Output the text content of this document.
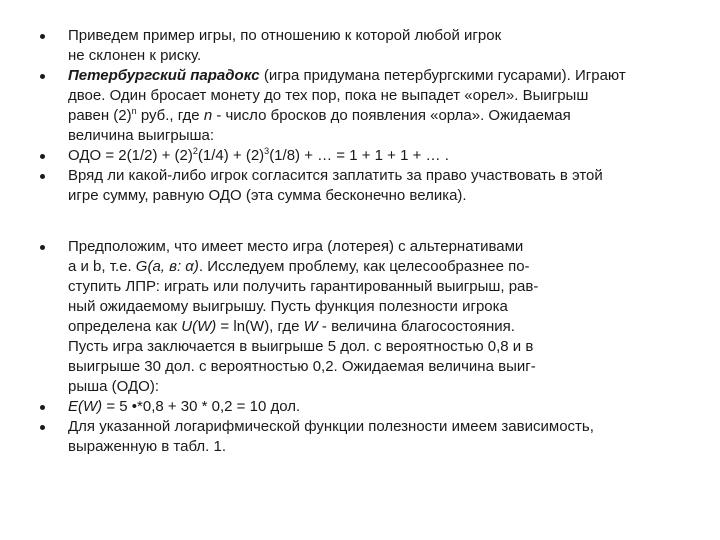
Приведем пример игры, по отношению к которой любой игрок
не склонен к риску.
Петербургский парадокс (игра придумана петербургскими гусарами). Играют
двое. Один бросает монету до тех пор, пока не выпадет «орел». Выигрыш
равен $(2)^n$ руб., где n - число бросков до появления «орла». Ожидаемая
величина выигрыша:
ОДО = $2(1/2) + (2)^2(1/4) + (2)^3(1/8)$ + … = 1 + 1 + 1 + … .
Вряд ли какой-либо игрок согласится заплатить за право участвовать в этой
игре сумму, равную ОДО (эта сумма бесконечно велика).
Предположим, что имеет место игра (лотерея) с альтернативами
a и b, т.е. G(a, в: α). Исследуем проблему, как целесообразнее по-
ступить ЛПР: играть или получить гарантированный выигрыш, рав-
ный ожидаемому выигрышу. Пусть функция полезности игрока
определена как U(W) = ln(W), где W - величина благосостояния.
Пусть игра заключается в выигрыше 5 дол. с вероятностью 0,8 и в
выигрыше 30 дол. с вероятностью 0,2. Ожидаемая величина выиг-
рыша (ОДО):
E(W) = 5 •*0,8 + 30 * 0,2 = 10 дол.
Для указанной логарифмической функции полезности имеем зависимость,
выраженную в табл. 1.
